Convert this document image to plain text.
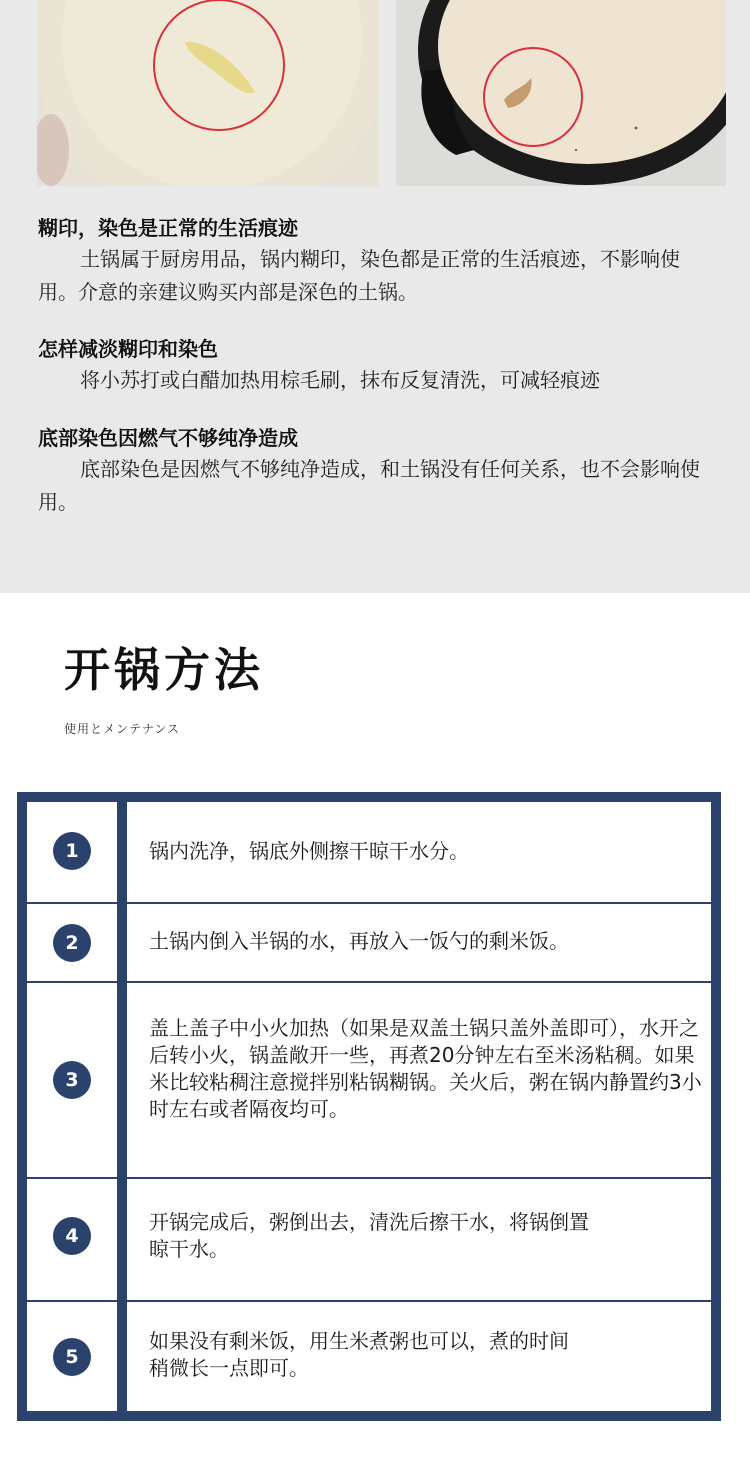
糊印，染色是正常的生活痕迹

土锅属于厨房用品，锅内糊印，染色都是正常的生活痕迹，不影响使用。介意的亲建议购买内部是深色的土锅。

怎样减淡糊印和染色

将小苏打或白醋加热用棕毛刷，抹布反复清洗，可减轻痕迹

底部染色因燃气不够纯净造成

底部染色是因燃气不够纯净造成，和土锅没有任何关系，也不会影响使用。

开锅方法

使用とメンテナンス
1	锅内洗净，锅底外侧擦干晾干水分。
2	土锅内倒入半锅的水，再放入一饭勺的剩米饭。
3
盖上盖子中小火加热（如果是双盖土锅只盖外盖即可），水开之后转小火，锅盖敞开一些，再煮20分钟左右至米汤粘稠。如果米比较粘稠注意搅拌别粘锅糊锅。关火后，粥在锅内静置约3小时左右或者隔夜均可。
4
开锅完成后，粥倒出去，清洗后擦干水，将锅倒置晾干水。
5
如果没有剩米饭，用生米煮粥也可以，煮的时间稍微长一点即可。
